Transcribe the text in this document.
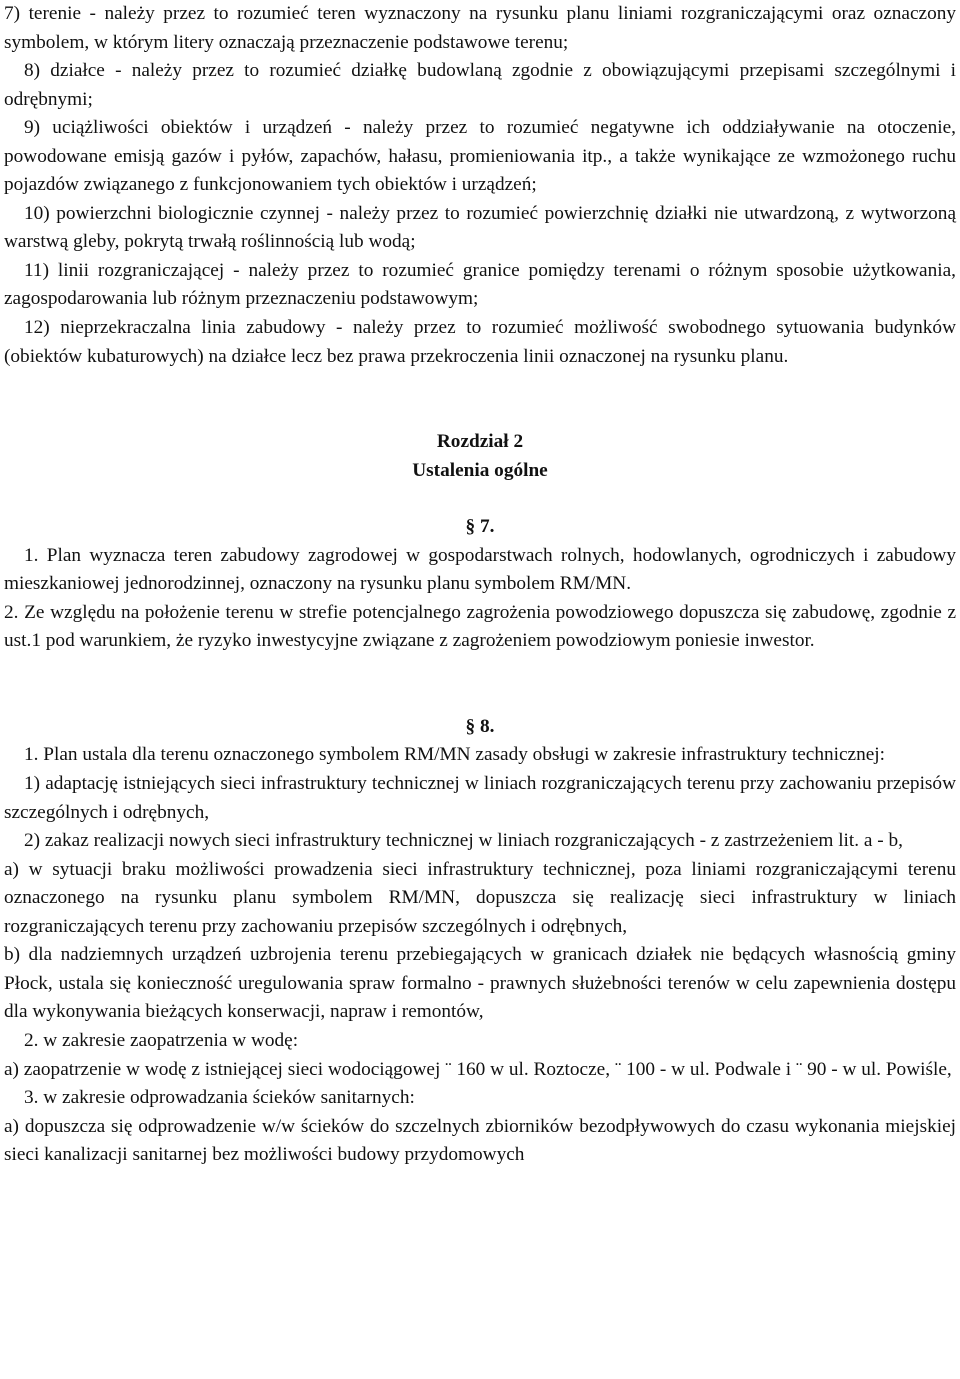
7) terenie - należy przez to rozumieć teren wyznaczony na rysunku planu liniami rozgraniczającymi oraz oznaczony symbolem, w którym litery oznaczają przeznaczenie podstawowe terenu;

8) działce - należy przez to rozumieć działkę budowlaną zgodnie z obowiązującymi przepisami szczególnymi i odrębnymi;

9) uciążliwości obiektów i urządzeń - należy przez to rozumieć negatywne ich oddziaływanie na otoczenie, powodowane emisją gazów i pyłów, zapachów, hałasu, promieniowania itp., a także wynikające ze wzmożonego ruchu pojazdów związanego z funkcjonowaniem tych obiektów i urządzeń;

10) powierzchni biologicznie czynnej - należy przez to rozumieć powierzchnię działki nie utwardzoną, z wytworzoną warstwą gleby, pokrytą trwałą roślinnością lub wodą;

11) linii rozgraniczającej - należy przez to rozumieć granice pomiędzy terenami o różnym sposobie użytkowania, zagospodarowania lub różnym przeznaczeniu podstawowym;

12) nieprzekraczalna linia zabudowy - należy przez to rozumieć możliwość swobodnego sytuowania budynków (obiektów kubaturowych) na działce lecz bez prawa przekroczenia linii oznaczonej na rysunku planu.

Rozdział 2

Ustalenia ogólne

§ 7.

1. Plan wyznacza teren zabudowy zagrodowej w gospodarstwach rolnych, hodowlanych, ogrodniczych i zabudowy mieszkaniowej jednorodzinnej, oznaczony na rysunku planu symbolem RM/MN.

2. Ze względu na położenie terenu w strefie potencjalnego zagrożenia powodziowego dopuszcza się zabudowę, zgodnie z ust.1 pod warunkiem, że ryzyko inwestycyjne związane z zagrożeniem powodziowym poniesie inwestor.

§ 8.

1. Plan ustala dla terenu oznaczonego symbolem RM/MN zasady obsługi w zakresie infrastruktury technicznej:

1) adaptację istniejących sieci infrastruktury technicznej w liniach rozgraniczających terenu przy zachowaniu przepisów szczególnych i odrębnych,

2) zakaz realizacji nowych sieci infrastruktury technicznej w liniach rozgraniczających - z zastrzeżeniem lit. a - b,

a) w sytuacji braku możliwości prowadzenia sieci infrastruktury technicznej, poza liniami rozgraniczającymi terenu oznaczonego na rysunku planu symbolem RM/MN, dopuszcza się realizację sieci infrastruktury w liniach rozgraniczających terenu przy zachowaniu przepisów szczególnych i odrębnych,

b) dla nadziemnych urządzeń uzbrojenia terenu przebiegających w granicach działek nie będących własnością gminy Płock, ustala się konieczność uregulowania spraw formalno - prawnych służebności terenów w celu zapewnienia dostępu dla wykonywania bieżących konserwacji, napraw i remontów,

2. w zakresie zaopatrzenia w wodę:

a) zaopatrzenie w wodę z istniejącej sieci wodociągowej ¨ 160 w ul. Roztocze, ¨ 100 - w ul. Podwale i ¨ 90 - w ul. Powiśle,

3. w zakresie odprowadzania ścieków sanitarnych:

a) dopuszcza się odprowadzenie w/w ścieków do szczelnych zbiorników bezodpływowych do czasu wykonania miejskiej sieci kanalizacji sanitarnej bez możliwości budowy przydomowych
